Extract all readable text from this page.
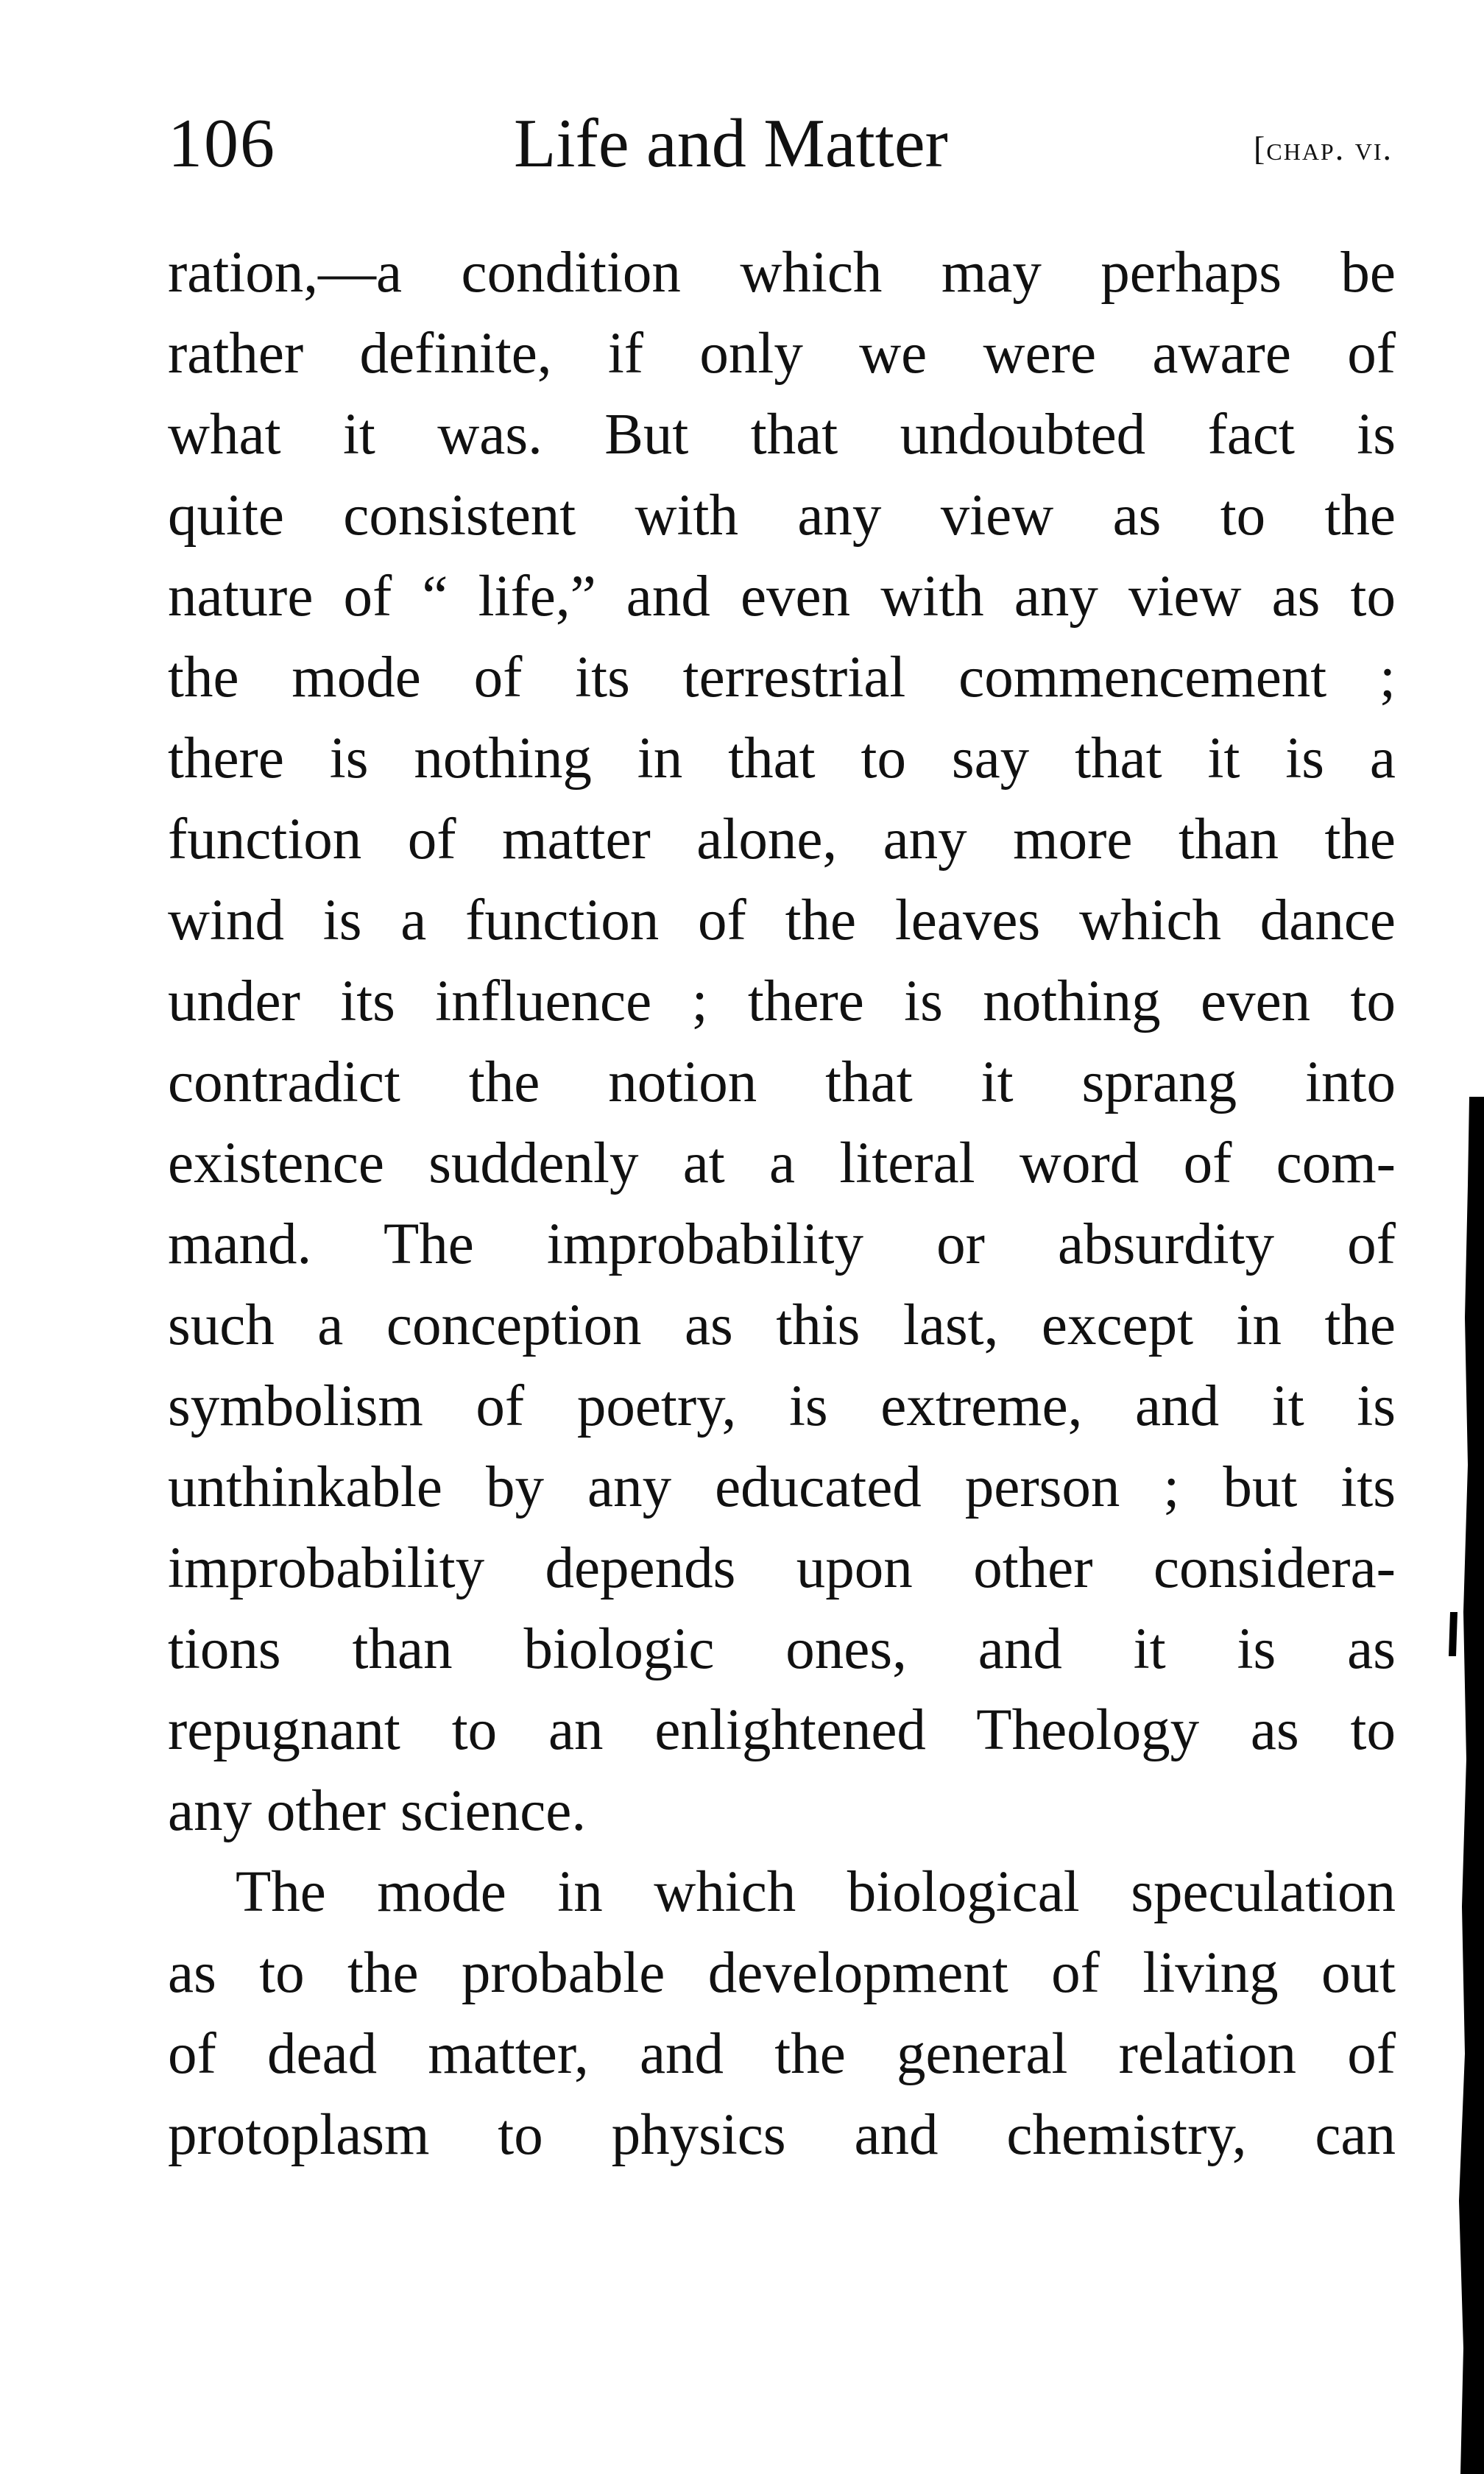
106	Life and Matter	[chap. vi.
ration,—a condition which may perhaps be
rather definite, if only we were aware of
what it was. But that undoubted fact is
quite consistent with any view as to the
nature of “ life,” and even with any view as to
the mode of its terrestrial commencement ;
there is nothing in that to say that it is a
function of matter alone, any more than the
wind is a function of the leaves which dance
under its influence ; there is nothing even to
contradict the notion that it sprang into
existence suddenly at a literal word of com-
mand. The improbability or absurdity of
such a conception as this last, except in the
symbolism of poetry, is extreme, and it is
unthinkable by any educated person ; but its
improbability depends upon other considera-
tions than biologic ones, and it is as
repugnant to an enlightened Theology as to
any other science.
The mode in which biological speculation
as to the probable development of living out
of dead matter, and the general relation of
protoplasm to physics and chemistry, can
